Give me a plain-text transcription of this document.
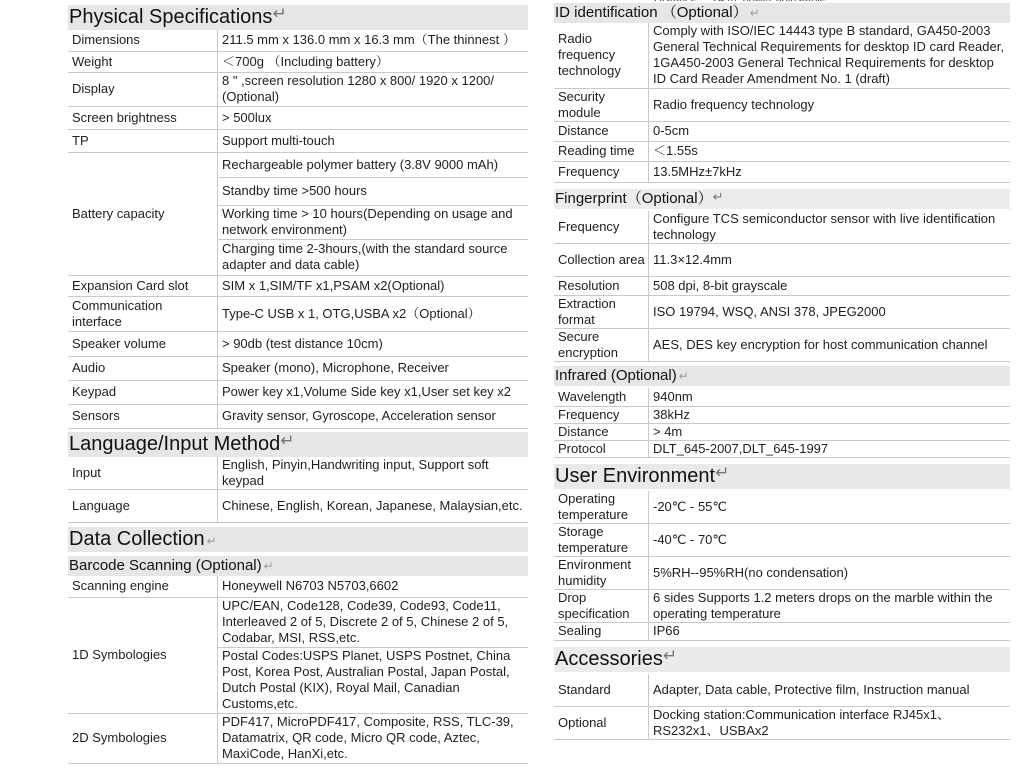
Physical Specifications↵
Dimensions	211.5 mm x 136.0 mm x 16.3 mm（The thinnest ）
Weight	＜700g （Including battery）
Display	8 " ,screen resolution 1280 x 800/ 1920 x 1200/ (Optional)
Screen brightness	> 500lux
TP	Support multi-touch
Battery capacity	Rechargeable polymer battery (3.8V 9000 mAh)
	Standby time >500 hours
	Working time > 10 hours(Depending on usage and network environment)
	Charging time 2-3hours,(with the standard source adapter and data cable)
Expansion Card slot	SIM x 1,SIM/TF x1,PSAM x2(Optional)
Communication interface	Type-C USB x 1, OTG,USBA x2（Optional）
Speaker volume	> 90db (test distance 10cm)
Audio	Speaker (mono), Microphone, Receiver
Keypad	Power key x1,Volume Side key x1,User set key x2
Sensors	Gravity sensor, Gyroscope, Acceleration sensor
Language/Input Method↵
Input	English, Pinyin,Handwriting input, Support soft keypad
Language	Chinese, English, Korean, Japanese, Malaysian,etc.
Data Collection ↵
Barcode Scanning (Optional) ↵
Scanning engine	Honeywell N6703 N5703,6602
1D Symbologies	UPC/EAN, Code128, Code39, Code93, Code11, Interleaved 2 of 5, Discrete 2 of 5, Chinese 2 of 5, Codabar, MSI, RSS,etc.
	Postal Codes:USPS Planet, USPS Postnet, China Post, Korea Post, Australian Postal, Japan Postal, Dutch Postal (KIX), Royal Mail, Canadian Customs,etc.
2D Symbologies	PDF417, MicroPDF417, Composite, RSS, TLC-39, Datamatrix, QR code, Micro QR code, Aztec, MaxiCode, HanXi,etc.
ID identification （Optional） ↵
Radio frequency technology	Comply with ISO/IEC 14443 type B standard, GA450-2003 General Technical Requirements for desktop ID card Reader, 1GA450-2003 General Technical Requirements for desktop ID Card Reader Amendment No. 1 (draft)
Security module	Radio frequency technology
Distance	0-5cm
Reading time	＜1.55s
Frequency	13.5MHz±7kHz
Fingerprint（Optional）↵
Frequency	Configure TCS semiconductor sensor with live identification technology
Collection area	11.3×12.4mm
Resolution	508 dpi, 8-bit grayscale
Extraction format	ISO 19794, WSQ, ANSI 378, JPEG2000
Secure encryption	AES, DES key encryption for host communication channel
Infrared (Optional) ↵
Wavelength	940nm
Frequency	38kHz
Distance	> 4m
Protocol	DLT_645-2007,DLT_645-1997
User Environment↵
Operating temperature	-20℃ - 55℃
Storage temperature	-40℃ - 70℃
Environment humidity	5%RH--95%RH(no condensation)
Drop specification	6 sides Supports 1.2 meters drops on the marble within the operating temperature
Sealing	IP66
Accessories↵
Standard	Adapter, Data cable, Protective film, Instruction manual
Optional	Docking station:Communication interface RJ45x1、RS232x1、USBAx2
